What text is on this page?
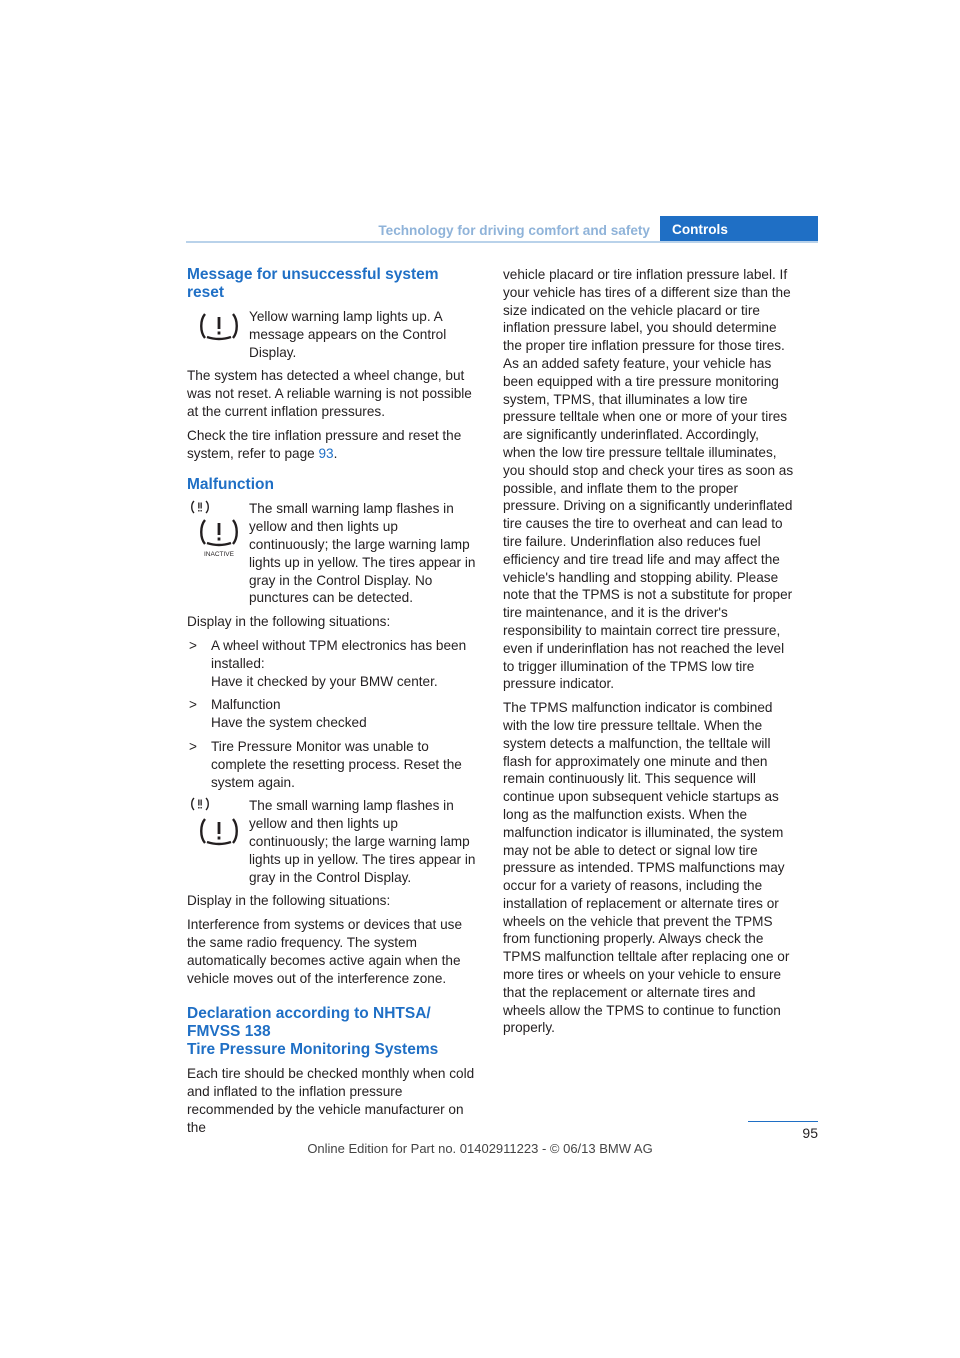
Technology for driving comfort and safety	Controls
Message for unsuccessful system reset

Yellow warning lamp lights up. A message appears on the Control Display.

The system has detected a wheel change, but was not reset. A reliable warning is not possible at the current inflation pressures.

Check the tire inflation pressure and reset the system, refer to page 93.

Malfunction
INACTIVE

The small warning lamp flashes in yellow and then lights up continuously; the large warning lamp lights up in yellow. The tires appear in gray in the Control Display. No punctures can be detected.

Display in the following situations:

> A wheel without TPM electronics has been installed:
Have it checked by your BMW center.
> Malfunction
Have the system checked
> Tire Pressure Monitor was unable to complete the resetting process. Reset the system again.

The small warning lamp flashes in yellow and then lights up continuously; the large warning lamp lights up in yellow. The tires appear in gray in the Control Display.

Display in the following situations:

Interference from systems or devices that use the same radio frequency. The system automatically becomes active again when the vehicle moves out of the interference zone.

Declaration according to NHTSA/ FMVSS 138
Tire Pressure Monitoring Systems

Each tire should be checked monthly when cold and inflated to the inflation pressure recommended by the vehicle manufacturer on the

vehicle placard or tire inflation pressure label. If your vehicle has tires of a different size than the size indicated on the vehicle placard or tire inflation pressure label, you should determine the proper tire inflation pressure for those tires. As an added safety feature, your vehicle has been equipped with a tire pressure monitoring system, TPMS, that illuminates a low tire pressure telltale when one or more of your tires are significantly underinflated. Accordingly, when the low tire pressure telltale illuminates, you should stop and check your tires as soon as possible, and inflate them to the proper pressure. Driving on a significantly underinflated tire causes the tire to overheat and can lead to tire failure. Underinflation also reduces fuel efficiency and tire tread life and may affect the vehicle's handling and stopping ability. Please note that the TPMS is not a substitute for proper tire maintenance, and it is the driver's responsibility to maintain correct tire pressure, even if underinflation has not reached the level to trigger illumination of the TPMS low tire pressure indicator.

The TPMS malfunction indicator is combined with the low tire pressure telltale. When the system detects a malfunction, the telltale will flash for approximately one minute and then remain continuously lit. This sequence will continue upon subsequent vehicle startups as long as the malfunction exists. When the malfunction indicator is illuminated, the system may not be able to detect or signal low tire pressure as intended. TPMS malfunctions may occur for a variety of reasons, including the installation of replacement or alternate tires or wheels on the vehicle that prevent the TPMS from functioning properly. Always check the TPMS malfunction telltale after replacing one or more tires or wheels on your vehicle to ensure that the replacement or alternate tires and wheels allow the TPMS to continue to function properly.

95
Online Edition for Part no. 01402911223 - © 06/13 BMW AG
